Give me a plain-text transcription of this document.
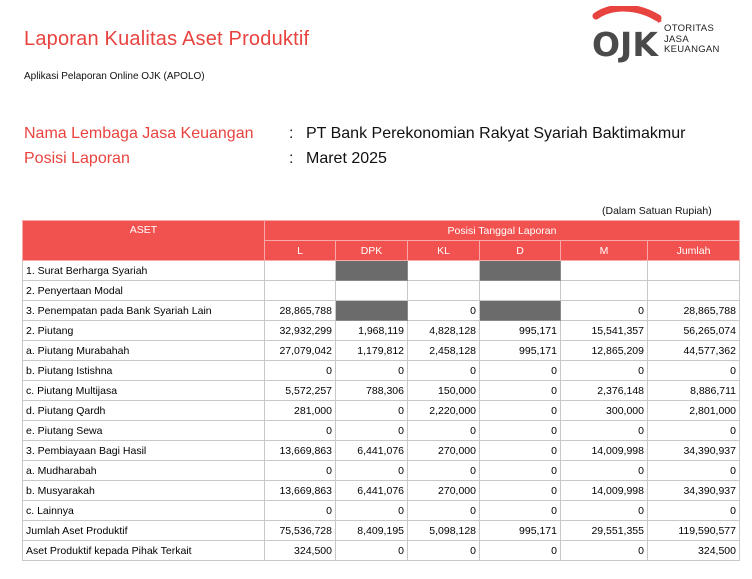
Laporan Kualitas Aset Produktif
Aplikasi Pelaporan Online OJK (APOLO)
OJK OTORITAS
JASA
KEUANGAN
Nama Lembaga Jasa Keuangan	: PT Bank Perekonomian Rakyat Syariah Baktimakmur
Posisi Laporan	: Maret 2025
(Dalam Satuan Rupiah)
ASET	Posisi Tanggal Laporan					
	L	DPK	KL	D	M	Jumlah
1. Surat Berharga Syariah						
2. Penyertaan Modal						
3. Penempatan pada Bank Syariah Lain	28,865,788		0		0	28,865,788
2. Piutang	32,932,299	1,968,119	4,828,128	995,171	15,541,357	56,265,074
a. Piutang Murabahah	27,079,042	1,179,812	2,458,128	995,171	12,865,209	44,577,362
b. Piutang Istishna	0	0	0	0	0	0
c. Piutang Multijasa	5,572,257	788,306	150,000	0	2,376,148	8,886,711
d. Piutang Qardh	281,000	0	2,220,000	0	300,000	2,801,000
e. Piutang Sewa	0	0	0	0	0	0
3. Pembiayaan Bagi Hasil	13,669,863	6,441,076	270,000	0	14,009,998	34,390,937
a. Mudharabah	0	0	0	0	0	0
b. Musyarakah	13,669,863	6,441,076	270,000	0	14,009,998	34,390,937
c. Lainnya	0	0	0	0	0	0
Jumlah Aset Produktif	75,536,728	8,409,195	5,098,128	995,171	29,551,355	119,590,577
Aset Produktif kepada Pihak Terkait	324,500	0	0	0	0	324,500
